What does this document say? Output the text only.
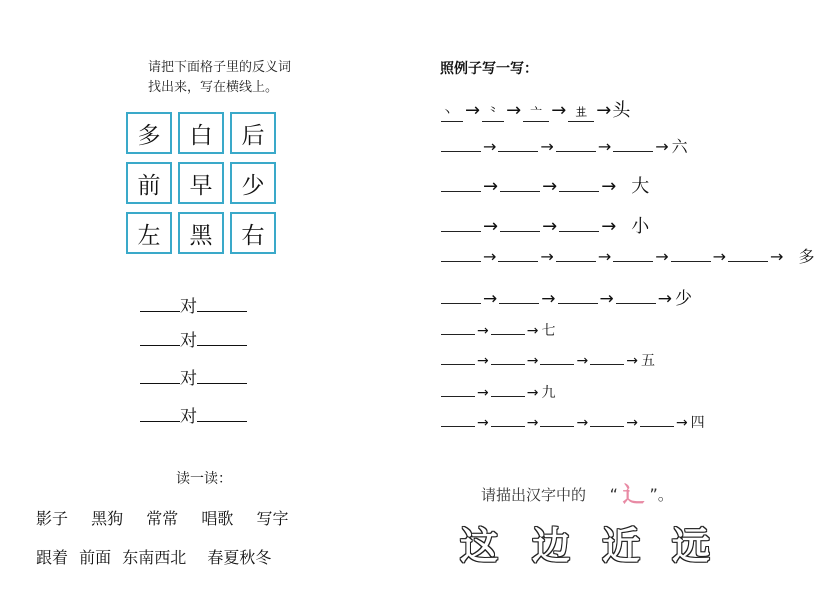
请把下面格子里的反义词
找出来，写在横线上。
多	白	后
前	早	少
左	黑	右
对
对
对
对
读一读：
影子 黑狗 常常 唱歌 写字
跟着 前面 东南西北 春夏秋冬
照例子写一写：
丶 → ⺀ → 亠 → 𠀎 →头
→	→	→	→ 六
→ → → 大
→ → → 小
→	→	→	→	→	→ 多
→	→	→	→ 少
→	→ 七
→	→	→	→ 五
→	→ 九
→	→	→	→	→ 四
请描出汉字中的 “ 辶 ”。
这 边 近 远
